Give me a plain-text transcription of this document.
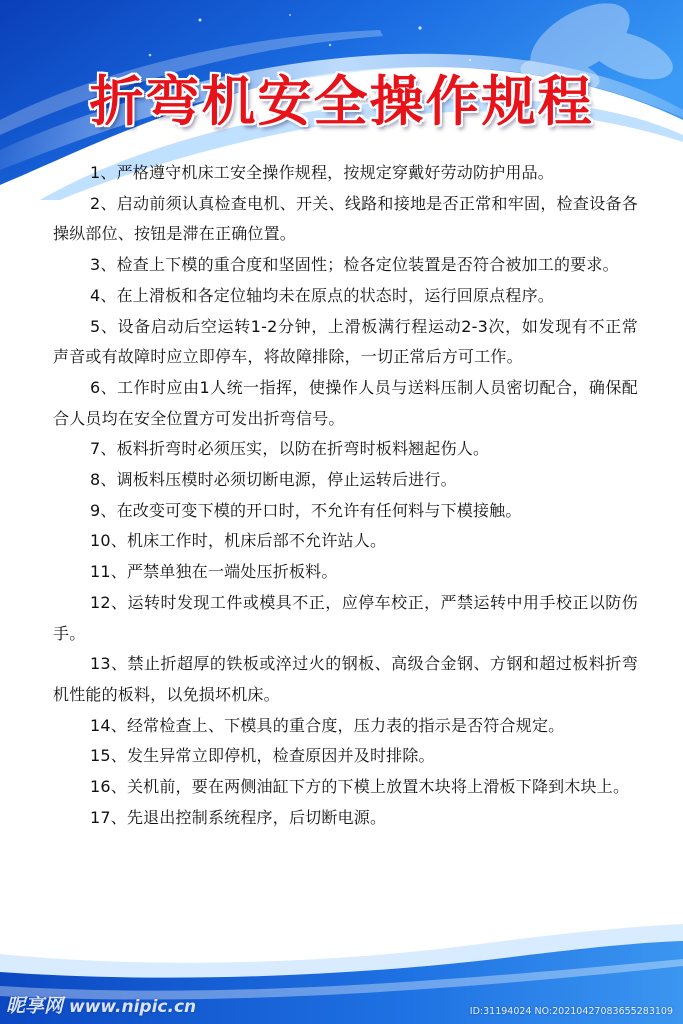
折弯机安全操作规程
1、严格遵守机床工安全操作规程，按规定穿戴好劳动防护用品。
2、启动前须认真检查电机、开关、线路和接地是否正常和牢固，检查设备各操纵部位、按钮是滞在正确位置。
3、检查上下模的重合度和坚固性；检各定位装置是否符合被加工的要求。
4、在上滑板和各定位轴均未在原点的状态时，运行回原点程序。
5、设备启动后空运转1-2分钟，上滑板满行程运动2-3次，如发现有不正常声音或有故障时应立即停车，将故障排除，一切正常后方可工作。
6、工作时应由1人统一指挥，使操作人员与送料压制人员密切配合，确保配合人员均在安全位置方可发出折弯信号。
7、板料折弯时必须压实，以防在折弯时板料翘起伤人。
8、调板料压模时必须切断电源，停止运转后进行。
9、在改变可变下模的开口时，不允许有任何料与下模接触。
10、机床工作时，机床后部不允许站人。
11、严禁单独在一端处压折板料。
12、运转时发现工件或模具不正，应停车校正，严禁运转中用手校正以防伤手。
13、禁止折超厚的铁板或淬过火的钢板、高级合金钢、方钢和超过板料折弯机性能的板料，以免损坏机床。
14、经常检查上、下模具的重合度，压力表的指示是否符合规定。
15、发生异常立即停机，检查原因并及时排除。
16、关机前，要在两侧油缸下方的下模上放置木块将上滑板下降到木块上。
17、先退出控制系统程序，后切断电源。
昵享网 www.nipic.cn	ID:31194024 NO:20210427083655283109
